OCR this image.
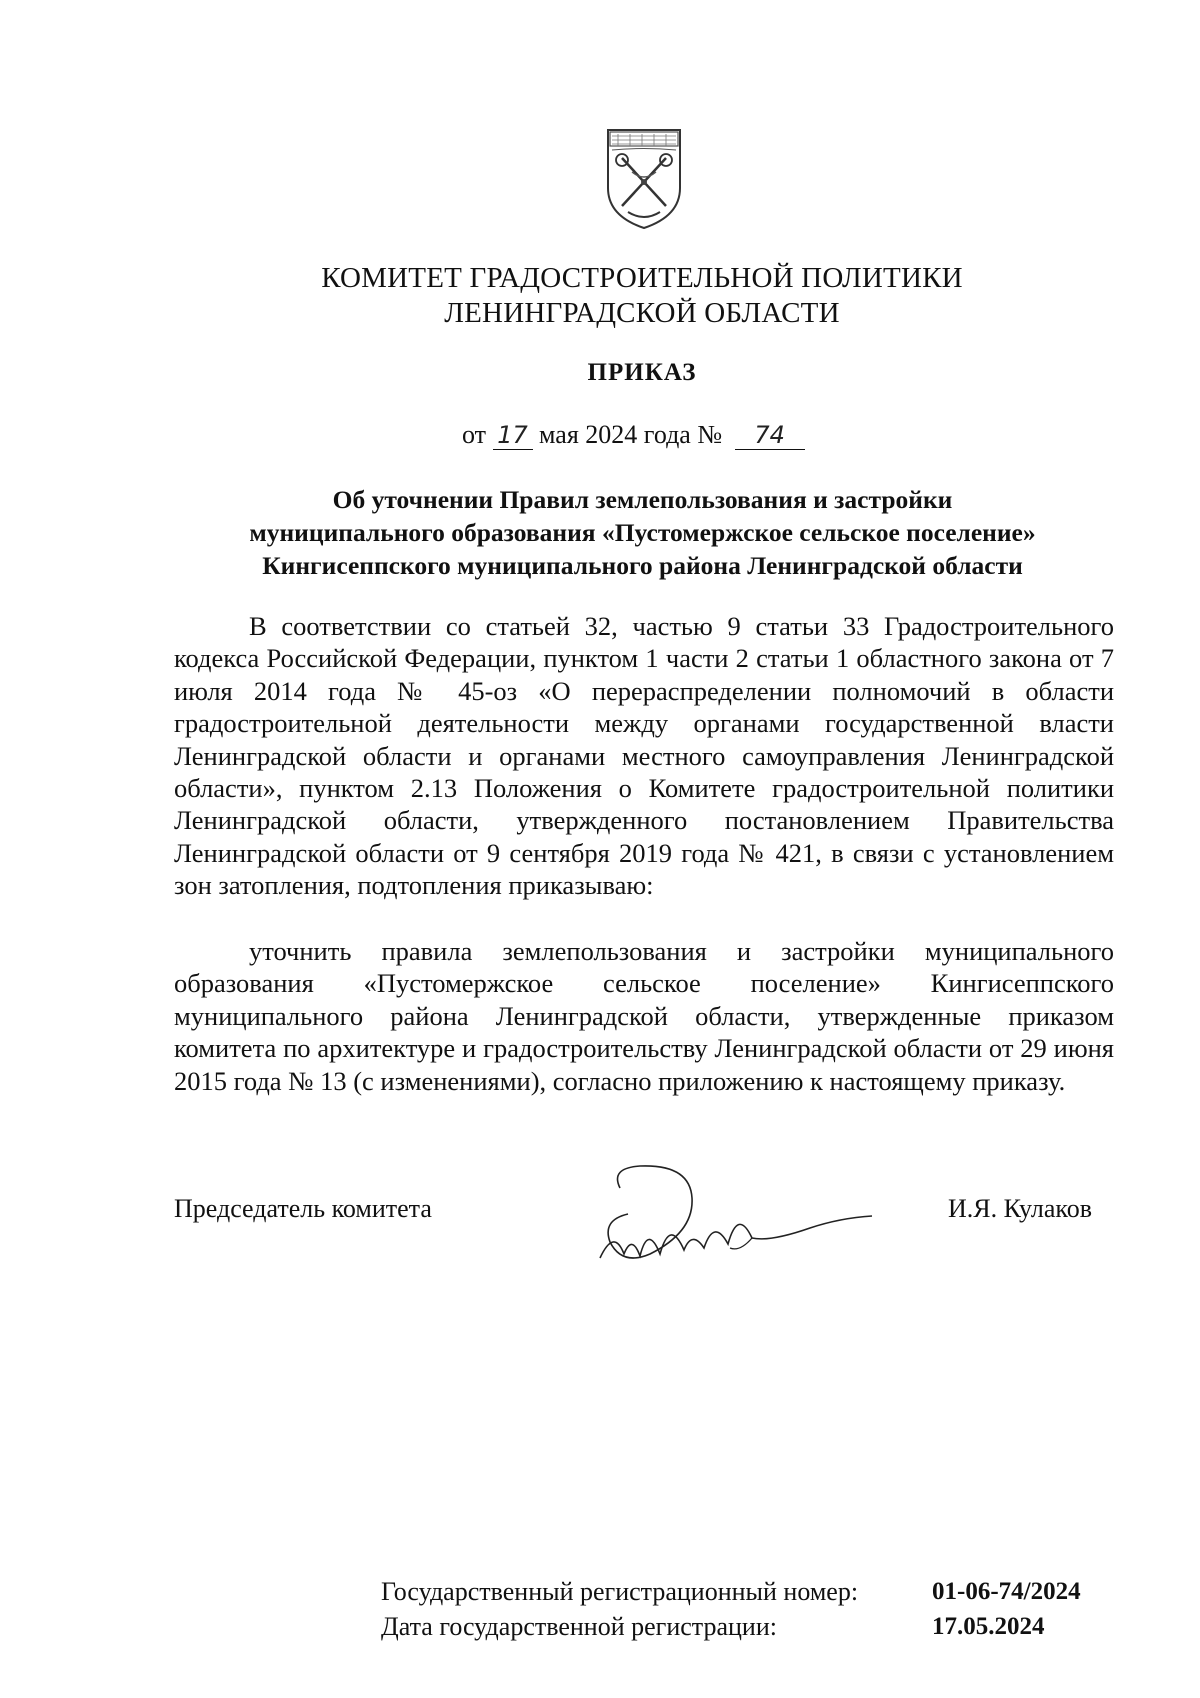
КОМИТЕТ ГРАДОСТРОИТЕЛЬНОЙ ПОЛИТИКИ
ЛЕНИНГРАДСКОЙ ОБЛАСТИ
ПРИКАЗ
от 17 мая 2024 года № 74
Об уточнении Правил землепользования и застройки
муниципального образования «Пустомержское сельское поселение»
Кингисеппского муниципального района Ленинградской области

В соответствии со статьей 32, частью 9 статьи 33 Градостроительного кодекса Российской Федерации, пунктом 1 части 2 статьи 1 областного закона от 7 июля 2014 года № 45-оз «О перераспределении полномочий в области градостроительной деятельности между органами государственной власти Ленинградской области и органами местного самоуправления Ленинградской области», пунктом 2.13 Положения о Комитете градостроительной политики Ленинградской области, утвержденного постановлением Правительства Ленинградской области от 9 сентября 2019 года № 421, в связи с установлением зон затопления, подтопления приказываю:

уточнить правила землепользования и застройки муниципального образования «Пустомержское сельское поселение» Кингисеппского муниципального района Ленинградской области, утвержденные приказом комитета по архитектуре и градостроительству Ленинградской области от 29 июня 2015 года № 13 (с изменениями), согласно приложению к настоящему приказу.

Председатель комитета	И.Я. Кулаков
Государственный регистрационный номер:	01-06-74/2024
Дата государственной регистрации:	17.05.2024
